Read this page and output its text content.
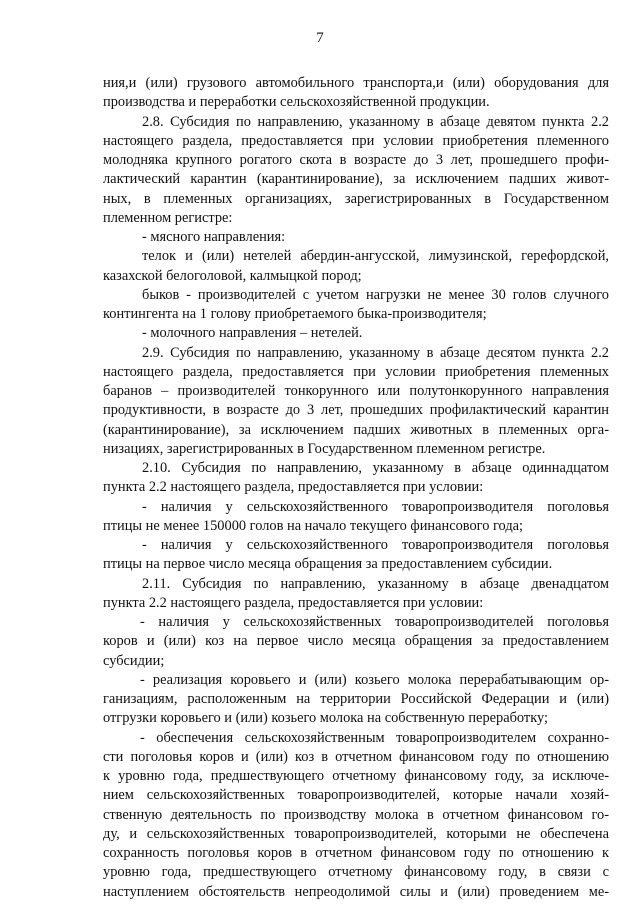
7
ния,и (или) грузового автомобильного транспорта,и (или) оборудования для
производства и переработки сельскохозяйственной продукции.
2.8. Субсидия по направлению, указанному в абзаце девятом пункта 2.2
настоящего раздела, предоставляется при условии приобретения племенного
молодняка крупного рогатого скота в возрасте до 3 лет, прошедшего профи-
лактический карантин (карантинирование), за исключением падших живот-
ных, в племенных организациях, зарегистрированных в Государственном
племенном регистре:
- мясного направления:
телок и (или) нетелей абердин-ангусской, лимузинской, герефордской,
казахской белоголовой, калмыцкой пород;
быков - производителей с учетом нагрузки не менее 30 голов случного
контингента на 1 голову приобретаемого быка-производителя;
- молочного направления – нетелей.
2.9. Субсидия по направлению, указанному в абзаце десятом пункта 2.2
настоящего раздела, предоставляется при условии приобретения племенных
баранов – производителей тонкорунного или полутонкорунного направления
продуктивности, в возрасте до 3 лет, прошедших профилактический карантин
(карантинирование), за исключением падших животных в племенных орга-
низациях, зарегистрированных в Государственном племенном регистре.
2.10. Субсидия по направлению, указанному в абзаце одиннадцатом
пункта 2.2 настоящего раздела, предоставляется при условии:
- наличия у сельскохозяйственного товаропроизводителя поголовья
птицы не менее 150000 голов на начало текущего финансового года;
- наличия у сельскохозяйственного товаропроизводителя поголовья
птицы на первое число месяца обращения за предоставлением субсидии.
2.11. Субсидия по направлению, указанному в абзаце двенадцатом
пункта 2.2 настоящего раздела, предоставляется при условии:
- наличия у сельскохозяйственных товаропроизводителей поголовья
коров и (или) коз на первое число месяца обращения за предоставлением
субсидии;
- реализация коровьего и (или) козьего молока перерабатывающим ор-
ганизациям, расположенным на территории Российской Федерации и (или)
отгрузки коровьего и (или) козьего молока на собственную переработку;
- обеспечения сельскохозяйственным товаропроизводителем сохранно-
сти поголовья коров и (или) коз в отчетном финансовом году по отношению
к уровню года, предшествующего отчетному финансовому году, за исключе-
нием сельскохозяйственных товаропроизводителей, которые начали хозяй-
ственную деятельность по производству молока в отчетном финансовом го-
ду, и сельскохозяйственных товаропроизводителей, которыми не обеспечена
сохранность поголовья коров в отчетном финансовом году по отношению к
уровню года, предшествующего отчетному финансовому году, в связи с
наступлением обстоятельств непреодолимой силы и (или) проведением ме-
